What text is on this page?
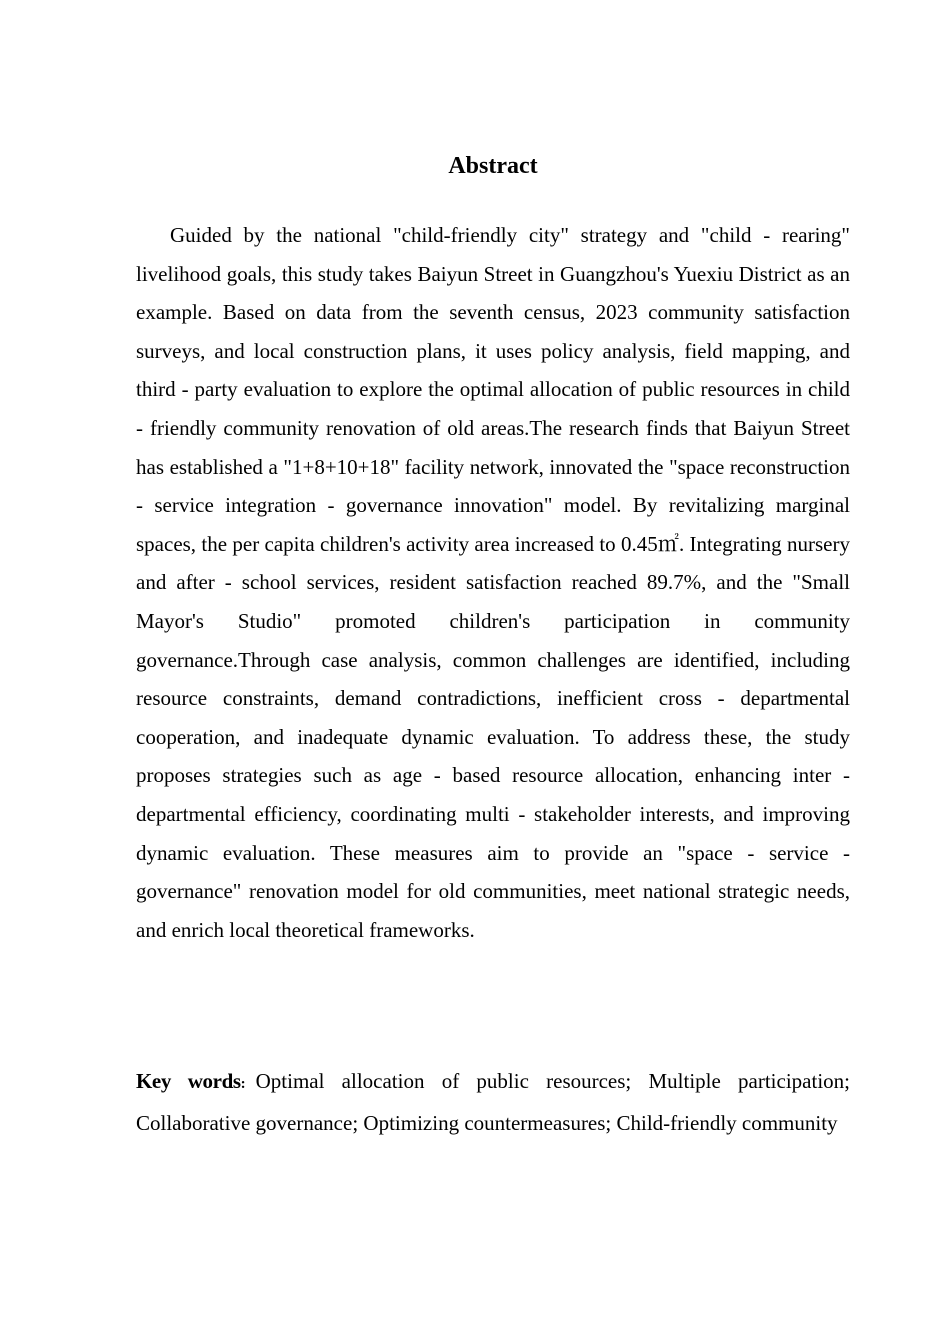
Abstract

Guided by the national "child-friendly city" strategy and "child - rearing" livelihood goals, this study takes Baiyun Street in Guangzhou's Yuexiu District as an example. Based on data from the seventh census, 2023 community satisfaction surveys, and local construction plans, it uses policy analysis, field mapping, and third - party evaluation to explore the optimal allocation of public resources in child - friendly community renovation of old areas.The research finds that Baiyun Street has established a "1+8+10+18" facility network, innovated the "space reconstruction - service integration - governance innovation" model. By revitalizing marginal spaces, the per capita children's activity area increased to 0.45㎡. Integrating nursery and after - school services, resident satisfaction reached 89.7%, and the "Small Mayor's Studio" promoted children's participation in community governance.Through case analysis, common challenges are identified, including resource constraints, demand contradictions, inefficient cross - departmental cooperation, and inadequate dynamic evaluation. To address these, the study proposes strategies such as age - based resource allocation, enhancing inter - departmental efficiency, coordinating multi - stakeholder interests, and improving dynamic evaluation. These measures aim to provide an "space - service - governance" renovation model for old communities, meet national strategic needs, and enrich local theoretical frameworks.

Key words: Optimal allocation of public resources; Multiple participation; Collaborative governance; Optimizing countermeasures; Child-friendly community
